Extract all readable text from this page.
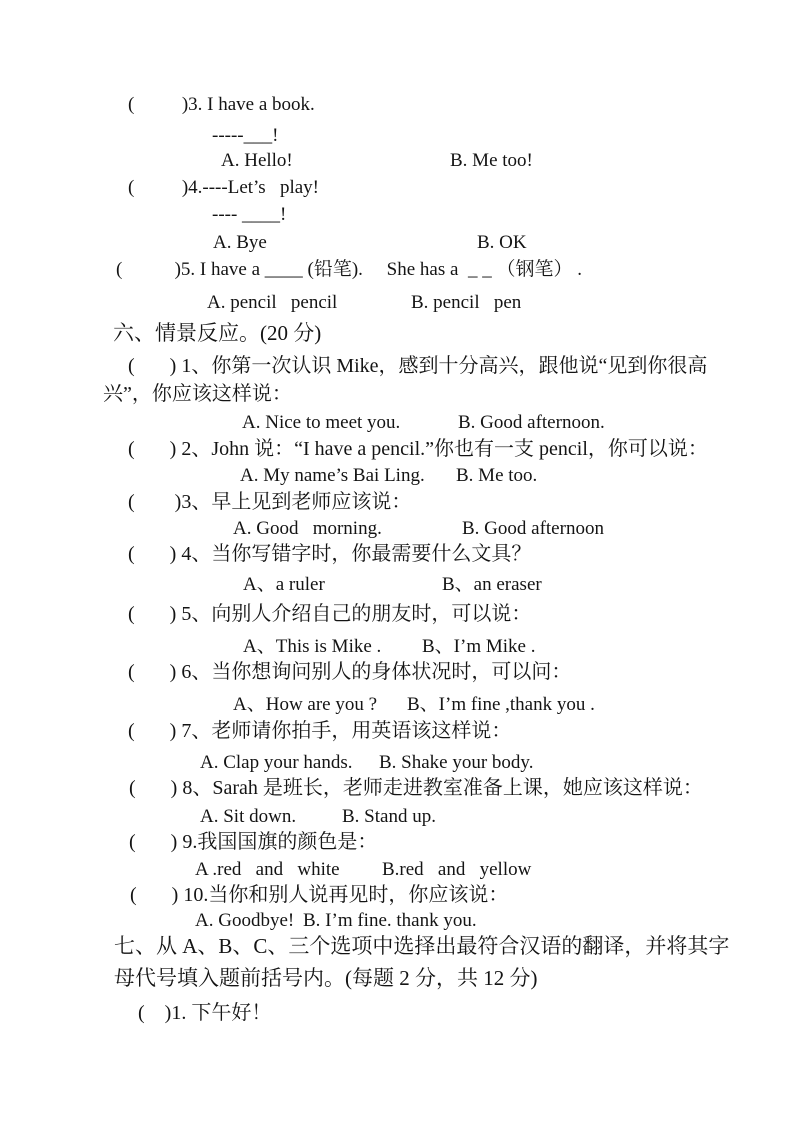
(          )3. I have a book.
-----___!
A. Hello!	B. Me too!
(          )4.----Let’s   play!
---- ____!
A. Bye	B. OK
(           )5. I have a ____ (铅笔).     She has a  _ _ （钢笔） .
A. pencil   pencil	B. pencil   pen
六、情景反应。(20 分)
(       ) 1、你第一次认识 Mike，感到十分高兴，跟他说“见到你很高
兴”，你应该这样说：
A. Nice to meet you.	B. Good afternoon.
(       ) 2、John 说：“I have a pencil.”你也有一支 pencil，你可以说：
A. My name’s Bai Ling. B. Me too.
(        )3、早上见到老师应该说：
A. Good   morning.	B. Good afternoon
(       ) 4、当你写错字时，你最需要什么文具？
A、a ruler	B、an eraser
(       ) 5、向别人介绍自己的朋友时，可以说：
A、This is Mike . B、I’m Mike .
(       ) 6、当你想询问别人的身体状况时，可以问：
A、How are you ? B、I’m fine ,thank you .
(       ) 7、老师请你拍手，用英语该这样说：
A. Clap your hands. B. Shake your body.
(       ) 8、Sarah 是班长，老师走进教室准备上课，她应该这样说：
A. Sit down. B. Stand up.
(       ) 9.我国国旗的颜色是：
A .red   and   white B.red   and   yellow
(       ) 10.当你和别人说再见时，你应该说：
A. Goodbye! B. I’m fine. thank you.
七、从 A、B、C、三个选项中选择出最符合汉语的翻译，并将其字
母代号填入题前括号内。(每题 2 分，共 12 分)
(    )1. 下午好！
